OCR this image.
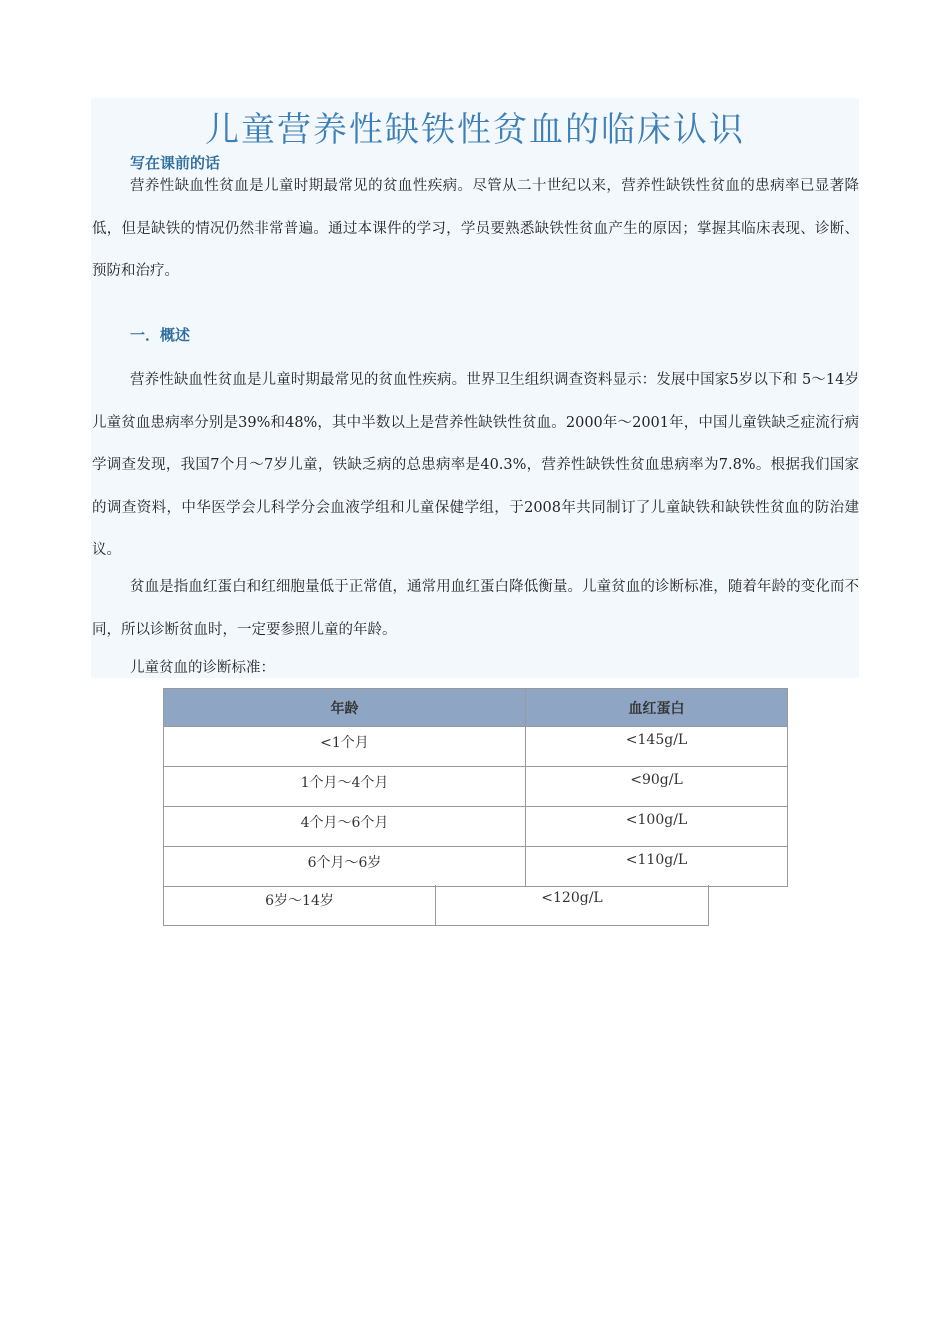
儿童营养性缺铁性贫血的临床认识
写在课前的话

营养性缺血性贫血是儿童时期最常见的贫血性疾病。尽管从二十世纪以来，营养性缺铁性贫血的患病率已显著降低，但是缺铁的情况仍然非常普遍。通过本课件的学习，学员要熟悉缺铁性贫血产生的原因；掌握其临床表现、诊断、预防和治疗。

一．概述

营养性缺血性贫血是儿童时期最常见的贫血性疾病。世界卫生组织调查资料显示：发展中国家5岁以下和 5～14岁儿童贫血患病率分别是39%和48%，其中半数以上是营养性缺铁性贫血。2000年～2001年，中国儿童铁缺乏症流行病学调查发现，我国7个月～7岁儿童，铁缺乏病的总患病率是40.3%，营养性缺铁性贫血患病率为7.8%。根据我们国家的调查资料，中华医学会儿科学分会血液学组和儿童保健学组，于2008年共同制订了儿童缺铁和缺铁性贫血的防治建议。

贫血是指血红蛋白和红细胞量低于正常值，通常用血红蛋白降低衡量。儿童贫血的诊断标准，随着年龄的变化而不同，所以诊断贫血时，一定要参照儿童的年龄。

儿童贫血的诊断标准：
年龄	血红蛋白
<1个月	<145g/L
1个月～4个月	<90g/L
4个月～6个月	<100g/L
6个月～6岁	<110g/L
6岁～14岁	<120g/L
